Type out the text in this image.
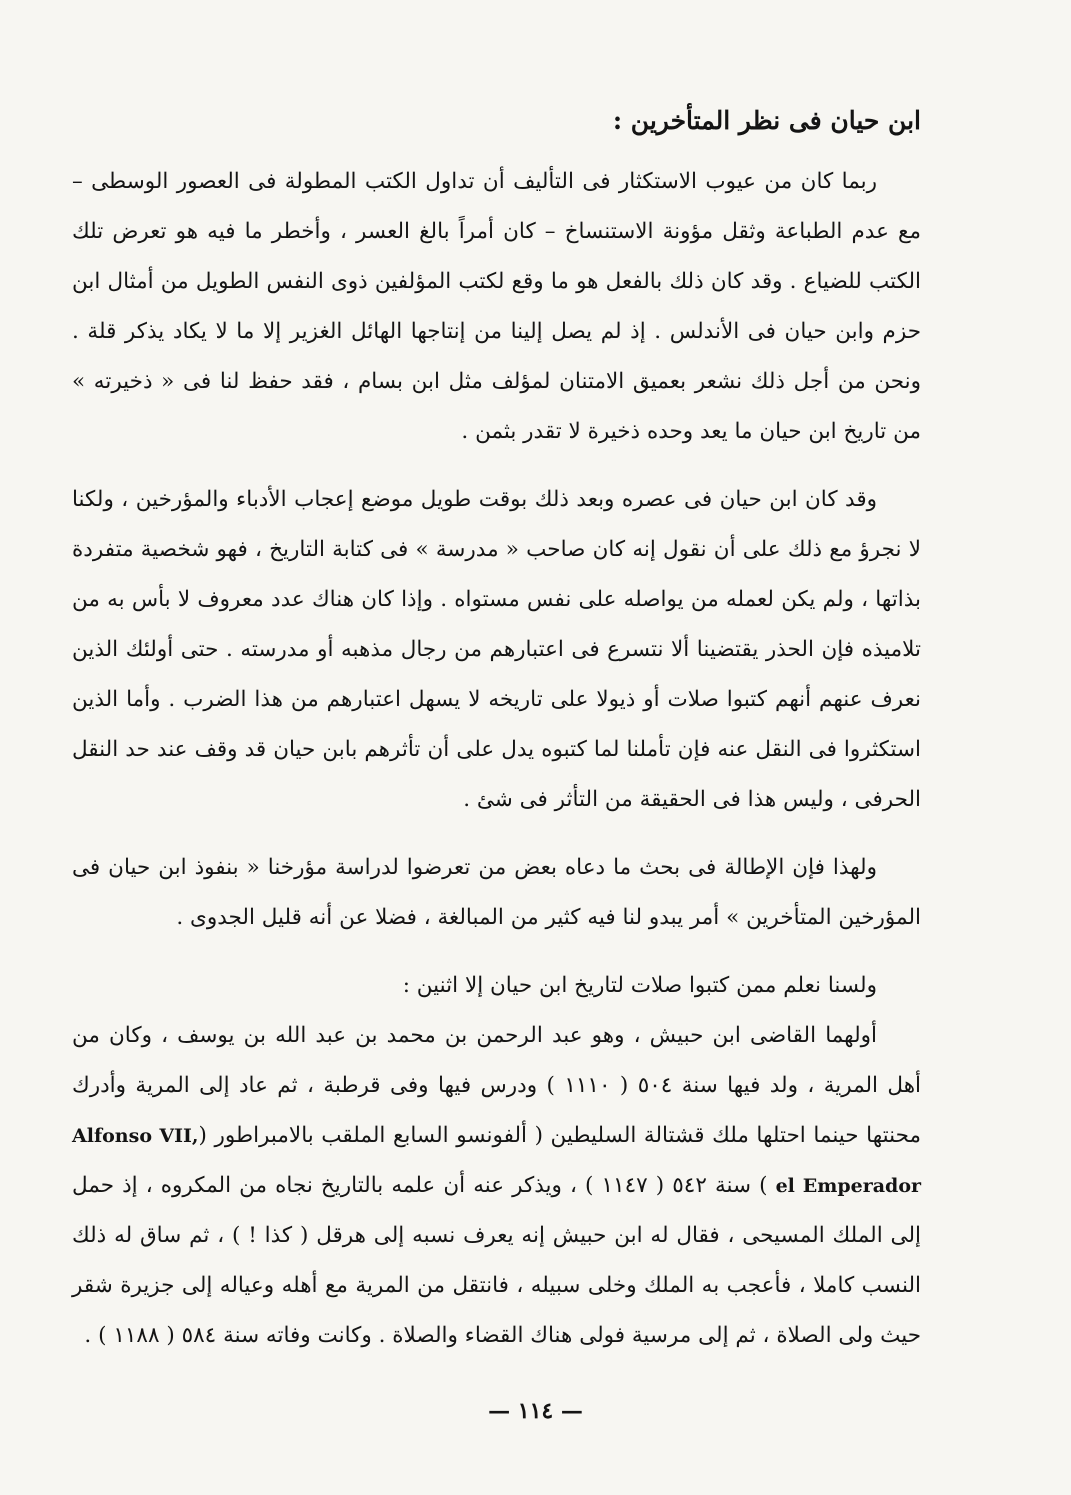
ابن حيان فى نظر المتأخرين :

ربما كان من عيوب الاستكثار فى التأليف أن تداول الكتب المطولة فى العصور الوسطى – مع عدم الطباعة وثقل مؤونة الاستنساخ – كان أمراً بالغ العسر ، وأخطر ما فيه هو تعرض تلك الكتب للضياع . وقد كان ذلك بالفعل هو ما وقع لكتب المؤلفين ذوى النفس الطويل من أمثال ابن حزم وابن حيان فى الأندلس . إذ لم يصل إلينا من إنتاجها الهائل الغزير إلا ما لا يكاد يذكر قلة . ونحن من أجل ذلك نشعر بعميق الامتنان لمؤلف مثل ابن بسام ، فقد حفظ لنا فى « ذخيرته » من تاريخ ابن حيان ما يعد وحده ذخيرة لا تقدر بثمن .

وقد كان ابن حيان فى عصره وبعد ذلك بوقت طويل موضع إعجاب الأدباء والمؤرخين ، ولكنا لا نجرؤ مع ذلك على أن نقول إنه كان صاحب « مدرسة » فى كتابة التاريخ ، فهو شخصية متفردة بذاتها ، ولم يكن لعمله من يواصله على نفس مستواه . وإذا كان هناك عدد معروف لا بأس به من تلاميذه فإن الحذر يقتضينا ألا نتسرع فى اعتبارهم من رجال مذهبه أو مدرسته . حتى أولئك الذين نعرف عنهم أنهم كتبوا صلات أو ذيولا على تاريخه لا يسهل اعتبارهم من هذا الضرب . وأما الذين استكثروا فى النقل عنه فإن تأملنا لما كتبوه يدل على أن تأثرهم بابن حيان قد وقف عند حد النقل الحرفى ، وليس هذا فى الحقيقة من التأثر فى شئ .

ولهذا فإن الإطالة فى بحث ما دعاه بعض من تعرضوا لدراسة مؤرخنا « بنفوذ ابن حيان فى المؤرخين المتأخرين » أمر يبدو لنا فيه كثير من المبالغة ، فضلا عن أنه قليل الجدوى .

ولسنا نعلم ممن كتبوا صلات لتاريخ ابن حيان إلا اثنين :

أولهما القاضى ابن حبيش ، وهو عبد الرحمن بن محمد بن عبد الله بن يوسف ، وكان من أهل المرية ، ولد فيها سنة ٥٠٤ ( ١١١٠ ) ودرس فيها وفى قرطبة ، ثم عاد إلى المرية وأدرك محنتها حينما احتلها ملك قشتالة السليطين ( ألفونسو السابع الملقب بالامبراطور (Alfonso VII, el Emperador ) سنة ٥٤٢ ( ١١٤٧ ) ، ويذكر عنه أن علمه بالتاريخ نجاه من المكروه ، إذ حمل إلى الملك المسيحى ، فقال له ابن حبيش إنه يعرف نسبه إلى هرقل ( كذا ! ) ، ثم ساق له ذلك النسب كاملا ، فأعجب به الملك وخلى سبيله ، فانتقل من المرية مع أهله وعياله إلى جزيرة شقر حيث ولى الصلاة ، ثم إلى مرسية فولى هناك القضاء والصلاة . وكانت وفاته سنة ٥٨٤ ( ١١٨٨ ) .

— ١١٤ —
